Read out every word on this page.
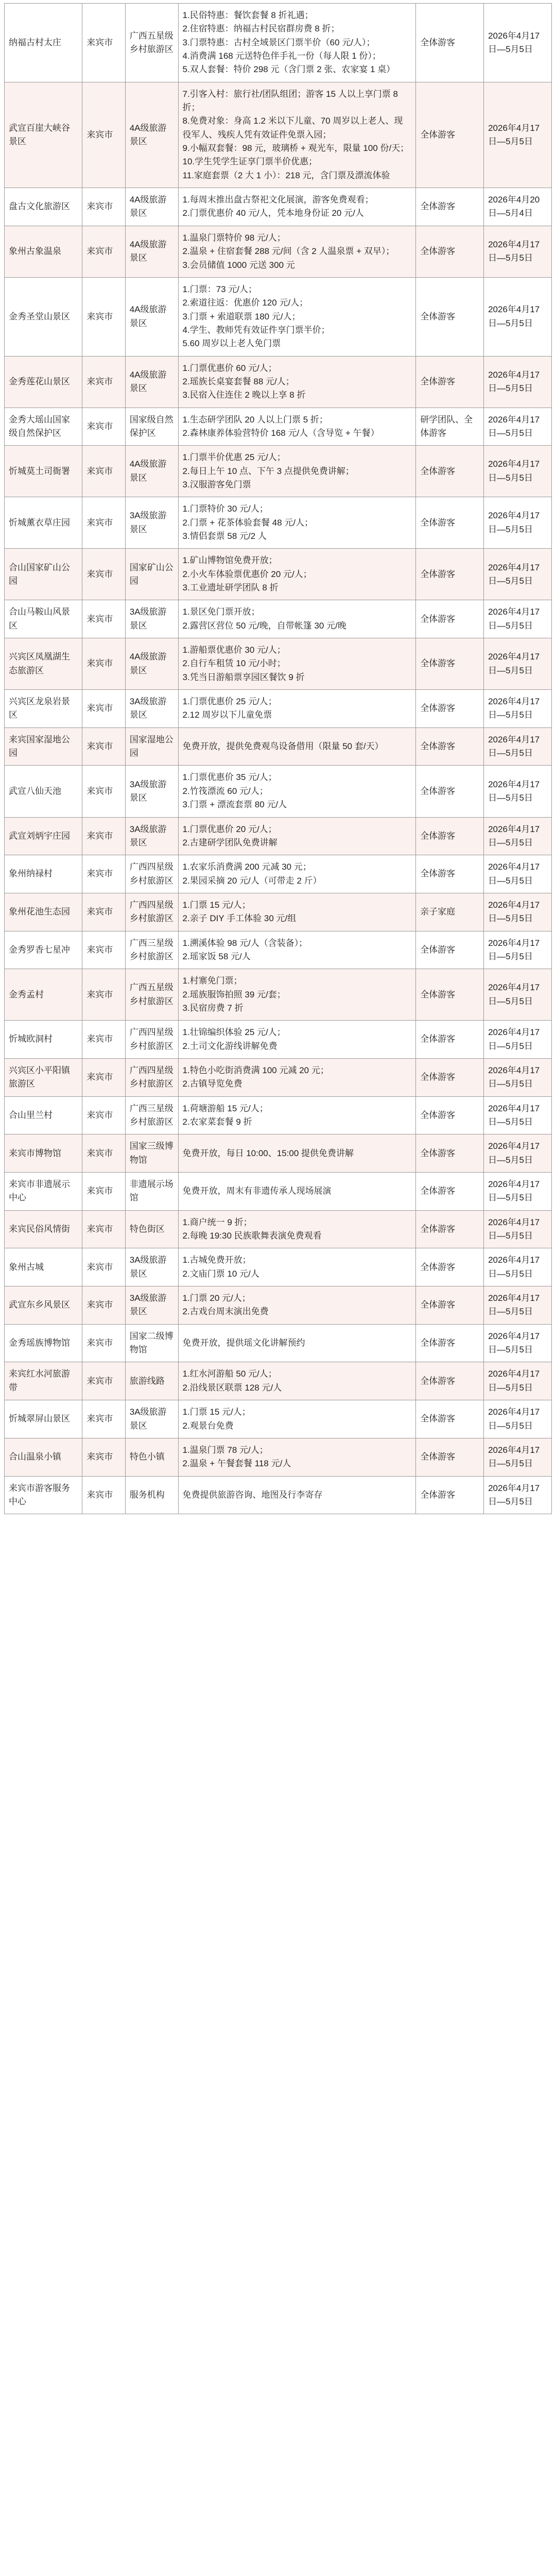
纳福古村太庄	来宾市	广西五星级乡村旅游区	1.民俗特惠：餐饮套餐 8 折礼遇；
2.住宿特惠：纳福古村民宿群房费 8 折；
3.门票特惠：古村全域景区门票半价（60 元/人）；
4.消费满 168 元送特色伴手礼一份（每人限 1 份）；
5.双人套餐：特价 298 元（含门票 2 张、农家宴 1 桌）	全体游客	2026年4月17日—5月5日
武宣百崖大峡谷景区	来宾市	4A级旅游景区	7.引客入村：旅行社/团队组团；游客 15 人以上享门票 8 折；
8.免费对象：身高 1.2 米以下儿童、70 周岁以上老人、现役军人、残疾人凭有效证件免票入园；
9.小幅双套餐：98 元，玻璃桥 + 观光车，限量 100 份/天；
10.学生凭学生证享门票半价优惠；
11.家庭套票（2 大 1 小）：218 元，含门票及漂流体验	全体游客	2026年4月17日—5月5日
盘古文化旅游区	来宾市	4A级旅游景区	1.每周末推出盘古祭祀文化展演，游客免费观看；
2.门票优惠价 40 元/人，凭本地身份证 20 元/人	全体游客	2026年4月20日—5月4日
象州古象温泉	来宾市	4A级旅游景区	1.温泉门票特价 98 元/人；
2.温泉 + 住宿套餐 288 元/间（含 2 人温泉票 + 双早）；
3.会员储值 1000 元送 300 元	全体游客	2026年4月17日—5月5日
金秀圣堂山景区	来宾市	4A级旅游景区	1.门票：73 元/人；
2.索道往返：优惠价 120 元/人；
3.门票 + 索道联票 180 元/人；
4.学生、教师凭有效证件享门票半价；
5.60 周岁以上老人免门票	全体游客	2026年4月17日—5月5日
金秀莲花山景区	来宾市	4A级旅游景区	1.门票优惠价 60 元/人；
2.瑶族长桌宴套餐 88 元/人；
3.民宿入住连住 2 晚以上享 8 折	全体游客	2026年4月17日—5月5日
金秀大瑶山国家级自然保护区	来宾市	国家级自然保护区	1.生态研学团队 20 人以上门票 5 折；
2.森林康养体验营特价 168 元/人（含导览 + 午餐）	研学团队、全体游客	2026年4月17日—5月5日
忻城莫土司衙署	来宾市	4A级旅游景区	1.门票半价优惠 25 元/人；
2.每日上午 10 点、下午 3 点提供免费讲解；
3.汉服游客免门票	全体游客	2026年4月17日—5月5日
忻城薰衣草庄园	来宾市	3A级旅游景区	1.门票特价 30 元/人；
2.门票 + 花茶体验套餐 48 元/人；
3.情侣套票 58 元/2 人	全体游客	2026年4月17日—5月5日
合山国家矿山公园	来宾市	国家矿山公园	1.矿山博物馆免费开放；
2.小火车体验票优惠价 20 元/人；
3.工业遗址研学团队 8 折	全体游客	2026年4月17日—5月5日
合山马鞍山风景区	来宾市	3A级旅游景区	1.景区免门票开放；
2.露营区营位 50 元/晚，自带帐篷 30 元/晚	全体游客	2026年4月17日—5月5日
兴宾区凤凰湖生态旅游区	来宾市	4A级旅游景区	1.游船票优惠价 30 元/人；
2.自行车租赁 10 元/小时；
3.凭当日游船票享园区餐饮 9 折	全体游客	2026年4月17日—5月5日
兴宾区龙泉岩景区	来宾市	3A级旅游景区	1.门票优惠价 25 元/人；
2.12 周岁以下儿童免票	全体游客	2026年4月17日—5月5日
来宾国家湿地公园	来宾市	国家湿地公园	免费开放，提供免费观鸟设备借用（限量 50 套/天）	全体游客	2026年4月17日—5月5日
武宣八仙天池	来宾市	3A级旅游景区	1.门票优惠价 35 元/人；
2.竹筏漂流 60 元/人；
3.门票 + 漂流套票 80 元/人	全体游客	2026年4月17日—5月5日
武宣刘炳宇庄园	来宾市	3A级旅游景区	1.门票优惠价 20 元/人；
2.古建研学团队免费讲解	全体游客	2026年4月17日—5月5日
象州纳禄村	来宾市	广西四星级乡村旅游区	1.农家乐消费满 200 元减 30 元；
2.果园采摘 20 元/人（可带走 2 斤）	全体游客	2026年4月17日—5月5日
象州花池生态园	来宾市	广西四星级乡村旅游区	1.门票 15 元/人；
2.亲子 DIY 手工体验 30 元/组	亲子家庭	2026年4月17日—5月5日
金秀罗香七星冲	来宾市	广西三星级乡村旅游区	1.溯溪体验 98 元/人（含装备）；
2.瑶家饭 58 元/人	全体游客	2026年4月17日—5月5日
金秀孟村	来宾市	广西五星级乡村旅游区	1.村寨免门票；
2.瑶族服饰拍照 39 元/套；
3.民宿房费 7 折	全体游客	2026年4月17日—5月5日
忻城欧洞村	来宾市	广西四星级乡村旅游区	1.壮锦编织体验 25 元/人；
2.土司文化游线讲解免费	全体游客	2026年4月17日—5月5日
兴宾区小平阳镇旅游区	来宾市	广西四星级乡村旅游区	1.特色小吃街消费满 100 元减 20 元；
2.古镇导览免费	全体游客	2026年4月17日—5月5日
合山里兰村	来宾市	广西三星级乡村旅游区	1.荷塘游船 15 元/人；
2.农家菜套餐 9 折	全体游客	2026年4月17日—5月5日
来宾市博物馆	来宾市	国家三级博物馆	免费开放，每日 10:00、15:00 提供免费讲解	全体游客	2026年4月17日—5月5日
来宾市非遗展示中心	来宾市	非遗展示场馆	免费开放，周末有非遗传承人现场展演	全体游客	2026年4月17日—5月5日
来宾民俗风情街	来宾市	特色街区	1.商户统一 9 折；
2.每晚 19:30 民族歌舞表演免费观看	全体游客	2026年4月17日—5月5日
象州古城	来宾市	3A级旅游景区	1.古城免费开放；
2.文庙门票 10 元/人	全体游客	2026年4月17日—5月5日
武宣东乡风景区	来宾市	3A级旅游景区	1.门票 20 元/人；
2.古戏台周末演出免费	全体游客	2026年4月17日—5月5日
金秀瑶族博物馆	来宾市	国家二级博物馆	免费开放，提供瑶文化讲解预约	全体游客	2026年4月17日—5月5日
来宾红水河旅游带	来宾市	旅游线路	1.红水河游船 50 元/人；
2.沿线景区联票 128 元/人	全体游客	2026年4月17日—5月5日
忻城翠屏山景区	来宾市	3A级旅游景区	1.门票 15 元/人；
2.观景台免费	全体游客	2026年4月17日—5月5日
合山温泉小镇	来宾市	特色小镇	1.温泉门票 78 元/人；
2.温泉 + 午餐套餐 118 元/人	全体游客	2026年4月17日—5月5日
来宾市游客服务中心	来宾市	服务机构	免费提供旅游咨询、地图及行李寄存	全体游客	2026年4月17日—5月5日
